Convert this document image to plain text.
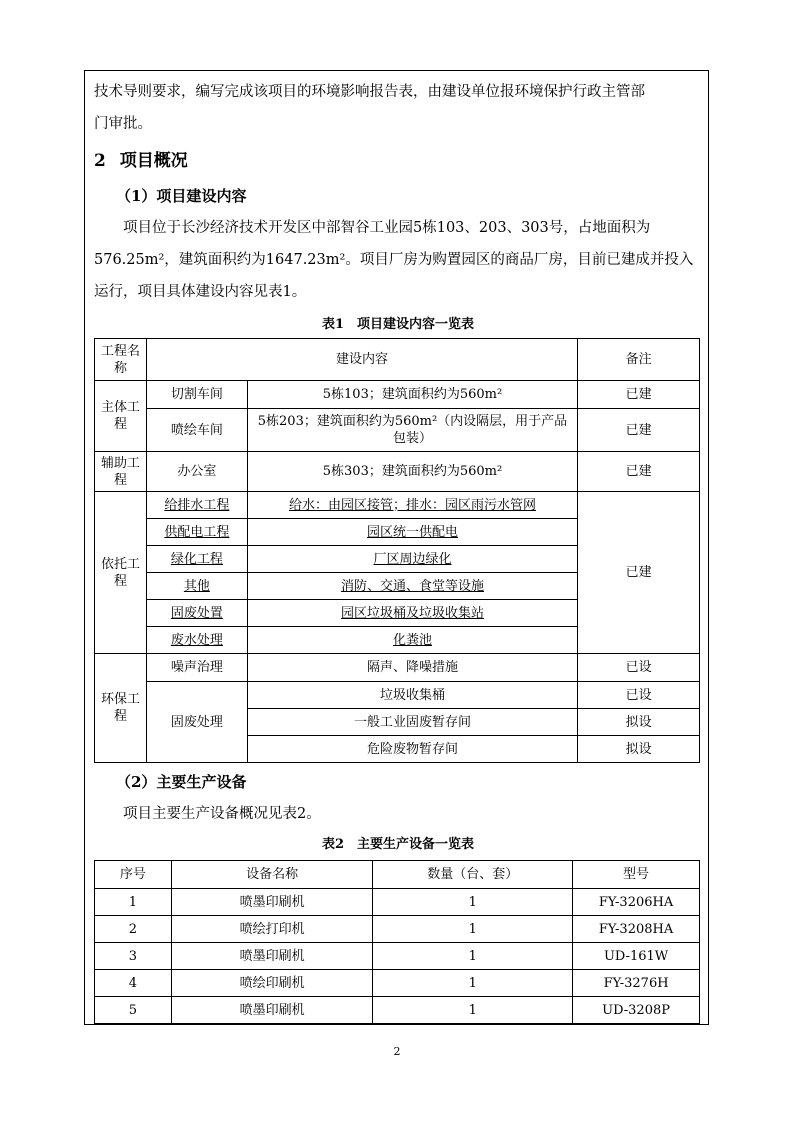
技术导则要求，编写完成该项目的环境影响报告表，由建设单位报环境保护行政主管部

门审批。

2 项目概况
（1）项目建设内容

项目位于长沙经济技术开发区中部智谷工业园5栋103、203、303号，占地面积为576.25m²，建筑面积约为1647.23m²。项目厂房为购置园区的商品厂房，目前已建成并投入运行，项目具体建设内容见表1。

表1　项目建设内容一览表
工程名称	建设内容		备注
主体工程	切割车间	5栋103；建筑面积约为560m²	已建
	喷绘车间	5栋203；建筑面积约为560m²（内设隔层，用于产品包装）	已建
辅助工程	办公室	5栋303；建筑面积约为560m²	已建
依托工程	给排水工程	给水：由园区接管；排水：园区雨污水管网	已建
	供配电工程	园区统一供配电	
	绿化工程	厂区周边绿化	
	其他	消防、交通、食堂等设施	
	固废处置	园区垃圾桶及垃圾收集站	
	废水处理	化粪池	
环保工程	噪声治理	隔声、降噪措施	已设
	固废处理	垃圾收集桶	已设
		一般工业固废暂存间	拟设
		危险废物暂存间	拟设
（2）主要生产设备

项目主要生产设备概况见表2。

表2　主要生产设备一览表
序号	设备名称	数量（台、套）	型号
1	喷墨印刷机	1	FY-3206HA
2	喷绘打印机	1	FY-3208HA
3	喷墨印刷机	1	UD-161W
4	喷绘印刷机	1	FY-3276H
5	喷墨印刷机	1	UD-3208P
2
